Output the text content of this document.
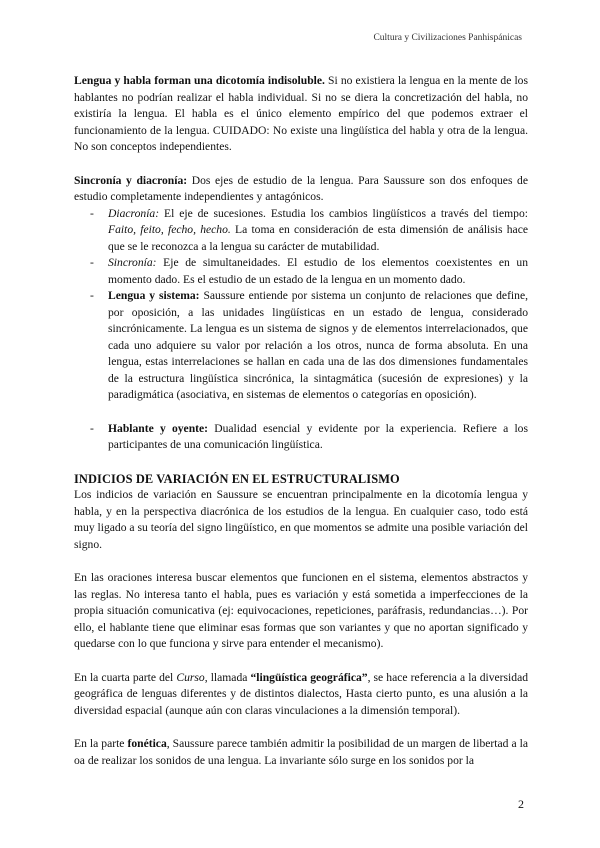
Cultura y Civilizaciones Panhispánicas

Lengua y habla forman una dicotomía indisoluble. Si no existiera la lengua en la mente de los hablantes no podrían realizar el habla individual. Si no se diera la concretización del habla, no existiría la lengua. El habla es el único elemento empírico del que podemos extraer el funcionamiento de la lengua. CUIDADO: No existe una lingüística del habla y otra de la lengua. No son conceptos independientes.

Sincronía y diacronía: Dos ejes de estudio de la lengua. Para Saussure son dos enfoques de estudio completamente independientes y antagónicos.

- Diacronía: El eje de sucesiones. Estudia los cambios lingüísticos a través del tiempo: Faito, feito, fecho, hecho. La toma en consideración de esta dimensión de análisis hace que se le reconozca a la lengua su carácter de mutabilidad.
- Sincronía: Eje de simultaneidades. El estudio de los elementos coexistentes en un momento dado. Es el estudio de un estado de la lengua en un momento dado.
- Lengua y sistema: Saussure entiende por sistema un conjunto de relaciones que define, por oposición, a las unidades lingüísticas en un estado de lengua, considerado sincrónicamente. La lengua es un sistema de signos y de elementos interrelacionados, que cada uno adquiere su valor por relación a los otros, nunca de forma absoluta. En una lengua, estas interrelaciones se hallan en cada una de las dos dimensiones fundamentales de la estructura lingüística sincrónica, la sintagmática (sucesión de expresiones) y la paradigmática (asociativa, en sistemas de elementos o categorías en oposición).
- Hablante y oyente: Dualidad esencial y evidente por la experiencia. Refiere a los participantes de una comunicación lingüística.
INDICIOS DE VARIACIÓN EN EL ESTRUCTURALISMO

Los indicios de variación en Saussure se encuentran principalmente en la dicotomía lengua y habla, y en la perspectiva diacrónica de los estudios de la lengua. En cualquier caso, todo está muy ligado a su teoría del signo lingüístico, en que momentos se admite una posible variación del signo.

En las oraciones interesa buscar elementos que funcionen en el sistema, elementos abstractos y las reglas. No interesa tanto el habla, pues es variación y está sometida a imperfecciones de la propia situación comunicativa (ej: equivocaciones, repeticiones, paráfrasis, redundancias…). Por ello, el hablante tiene que eliminar esas formas que son variantes y que no aportan significado y quedarse con lo que funciona y sirve para entender el mecanismo).

En la cuarta parte del Curso, llamada “lingüística geográfica”, se hace referencia a la diversidad geográfica de lenguas diferentes y de distintos dialectos, Hasta cierto punto, es una alusión a la diversidad espacial (aunque aún con claras vinculaciones a la dimensión temporal).

En la parte fonética, Saussure parece también admitir la posibilidad de un margen de libertad a la oa de realizar los sonidos de una lengua. La invariante sólo surge en los sonidos por la

2
